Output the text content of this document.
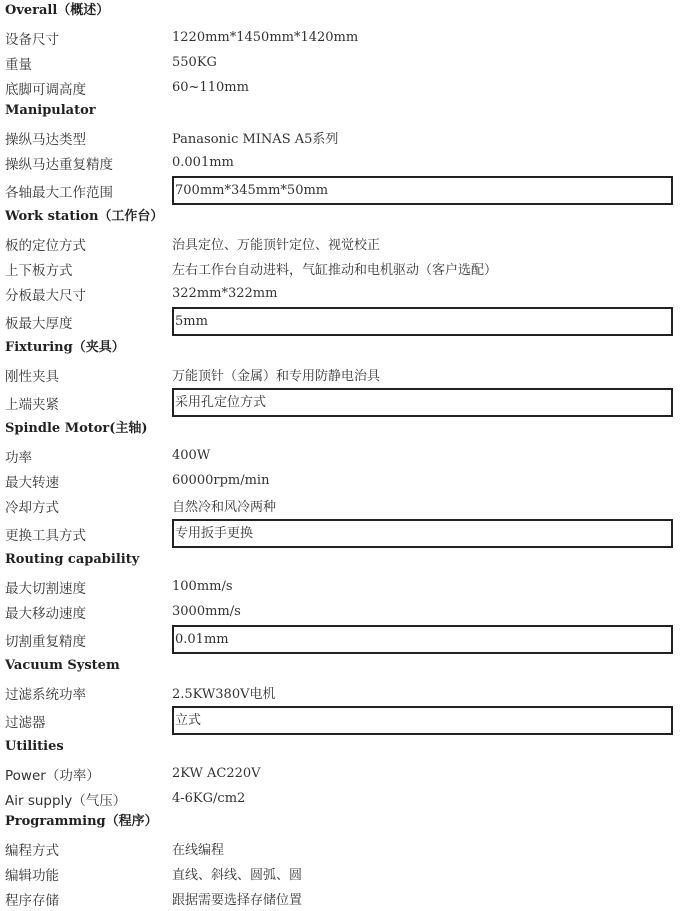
Overall（概述）
设备尺寸	1220mm*1450mm*1420mm
重量	550KG
底脚可调高度	60~110mm
Manipulator
操纵马达类型	Panasonic MINAS A5系列
操纵马达重复精度	0.001mm
各轴最大工作范围	700mm*345mm*50mm
Work station（工作台）
板的定位方式	治具定位、万能顶针定位、视觉校正
上下板方式	左右工作台自动进料，气缸推动和电机驱动（客户选配）
分板最大尺寸	322mm*322mm
板最大厚度	5mm
Fixturing（夹具）
刚性夹具	万能顶针（金属）和专用防静电治具
上端夹紧	采用孔定位方式
Spindle Motor(主轴)
功率	400W
最大转速	60000rpm/min
冷却方式	自然冷和风冷两种
更换工具方式	专用扳手更换
Routing capability
最大切割速度	100mm/s
最大移动速度	3000mm/s
切割重复精度	0.01mm
Vacuum System
过滤系统功率	2.5KW380V电机
过滤器	立式
Utilities
Power（功率）	2KW AC220V
Air supply（气压）	4-6KG/cm2
Programming（程序）
编程方式	在线编程
编辑功能	直线、斜线、圆弧、圆
程序存储	跟据需要选择存储位置
